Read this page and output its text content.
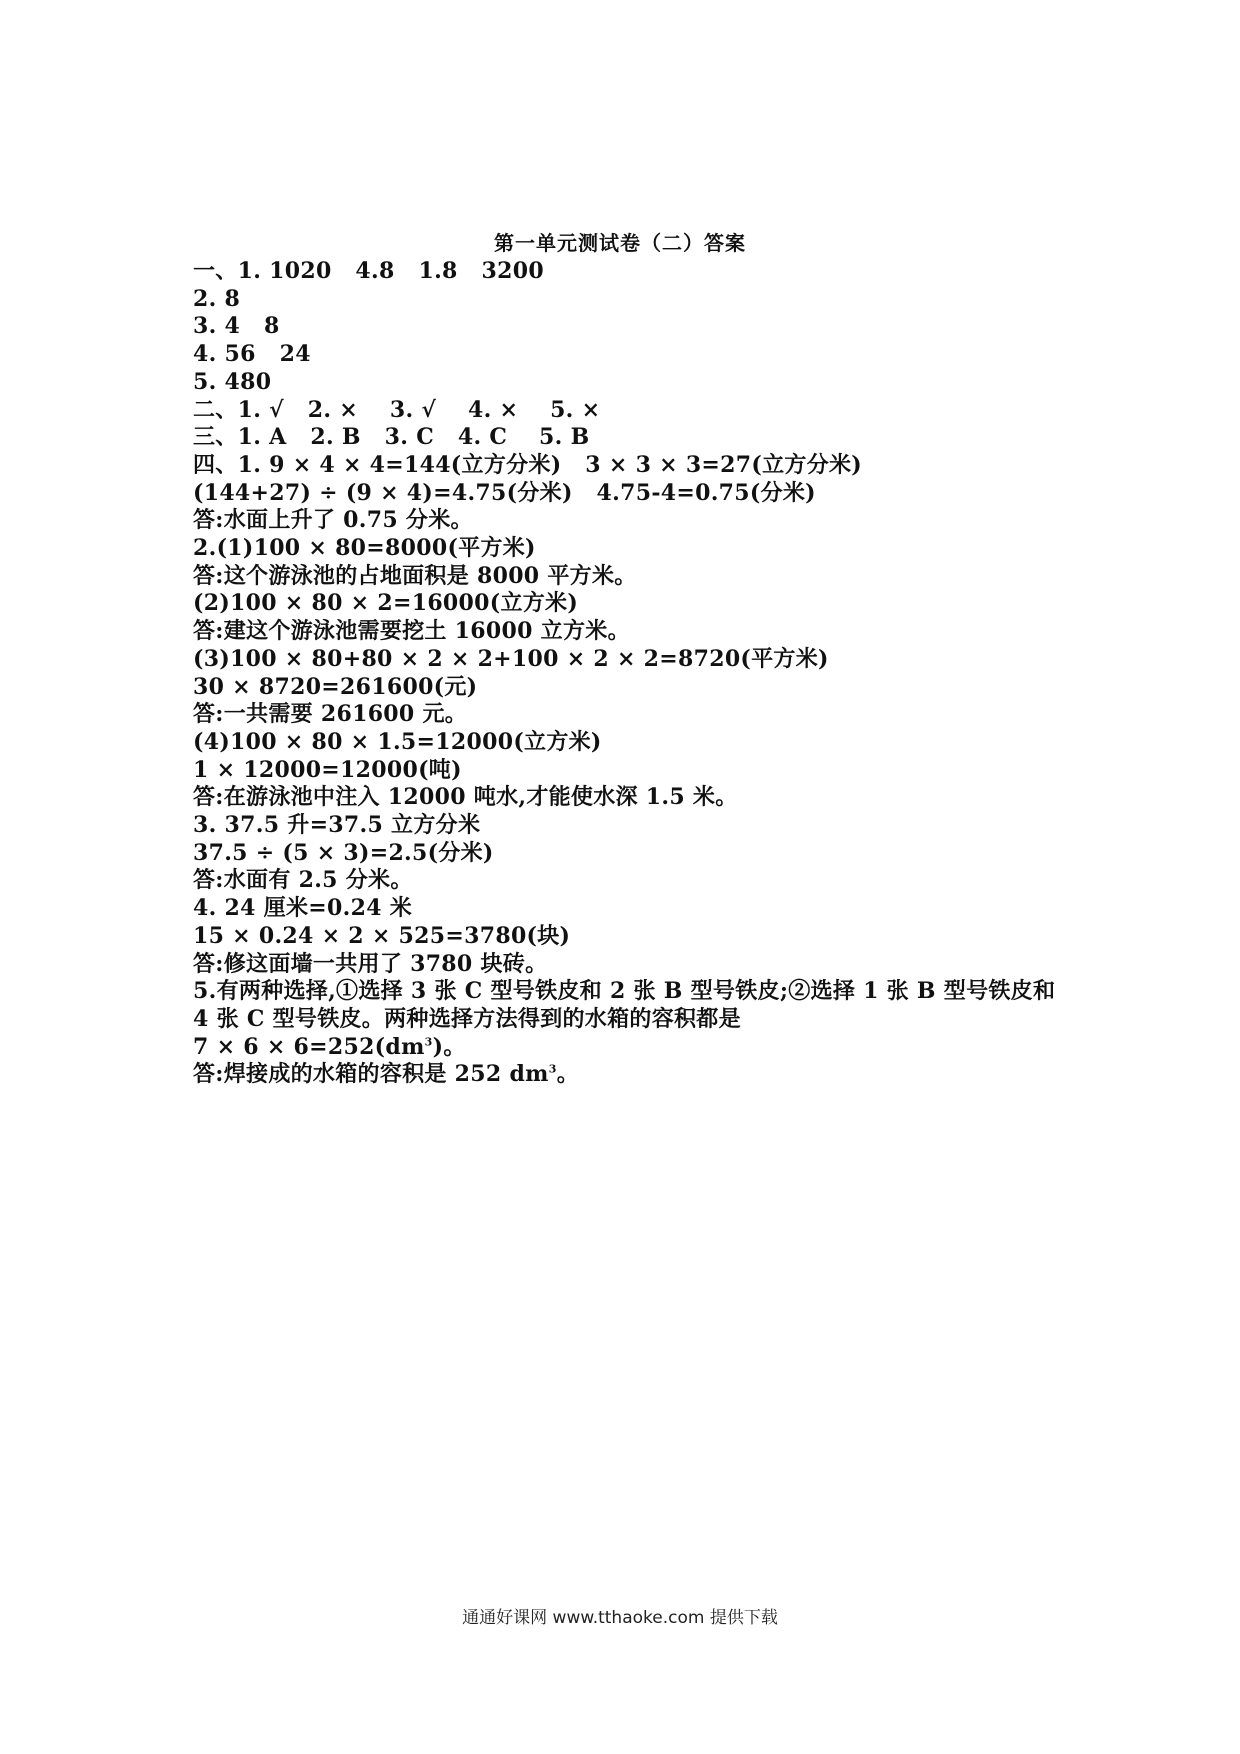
第一单元测试卷（二）答案
一、1. 1020   4.8   1.8   3200
2. 8
3. 4   8
4. 56   24
5. 480
二、1. √   2. ×    3. √    4. ×    5. ×
三、1. A   2. B   3. C   4. C    5. B
四、1. 9 × 4 × 4=144(立方分米)   3 × 3 × 3=27(立方分米)
(144+27) ÷ (9 × 4)=4.75(分米)   4.75-4=0.75(分米)
答:水面上升了 0.75 分米。
2.(1)100 × 80=8000(平方米)
答:这个游泳池的占地面积是 8000 平方米。
(2)100 × 80 × 2=16000(立方米)
答:建这个游泳池需要挖土 16000 立方米。
(3)100 × 80+80 × 2 × 2+100 × 2 × 2=8720(平方米)
30 × 8720=261600(元)
答:一共需要 261600 元。
(4)100 × 80 × 1.5=12000(立方米)
1 × 12000=12000(吨)
答:在游泳池中注入 12000 吨水,才能使水深 1.5 米。
3. 37.5 升=37.5 立方分米
37.5 ÷ (5 × 3)=2.5(分米)
答:水面有 2.5 分米。
4. 24 厘米=0.24 米
15 × 0.24 × 2 × 525=3780(块)
答:修这面墙一共用了 3780 块砖。
5.有两种选择,①选择 3 张 C 型号铁皮和 2 张 B 型号铁皮;②选择 1 张 B 型号铁皮和 4 张 C 型号铁皮。两种选择方法得到的水箱的容积都是
$7 \times 6 \times 6=252(dm^3)$。
答:焊接成的水箱的容积是 252 $dm^3$。
通通好课网 www.tthaoke.com 提供下载
